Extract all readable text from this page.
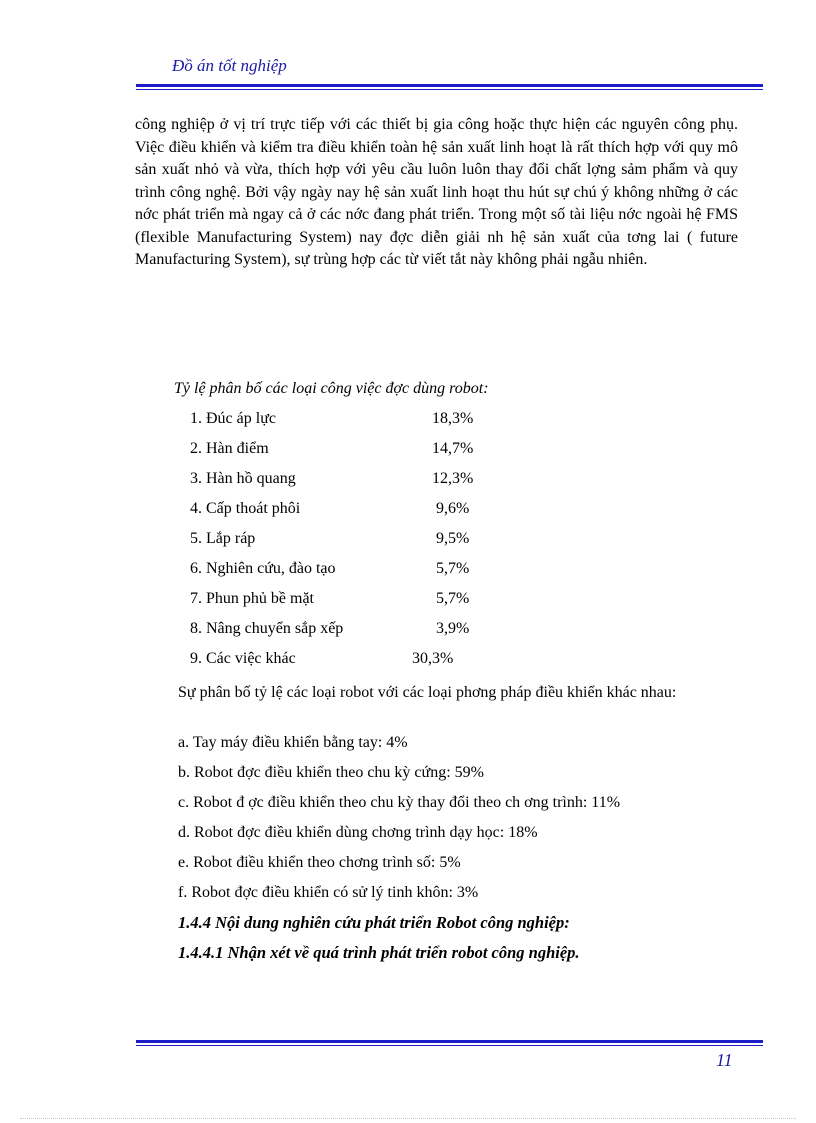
Đồ án tốt nghiệp
công nghiệp ở vị trí trực tiếp với các thiết bị gia công hoặc thực hiện các nguyên công phụ. Việc điều khiển và kiểm tra điều khiển toàn hệ sản xuất linh hoạt là rất thích hợp với quy mô sản xuất nhỏ và vừa, thích hợp với yêu cầu luôn luôn thay đổi chất lợng sảm phẩm và quy trình công nghệ. Bởi vậy ngày nay hệ sản xuất linh hoạt thu hút sự chú ý không những ở các nớc phát triển mà ngay cả ở các nớc đang phát triển. Trong một số tài liệu nớc ngoài hệ FMS (flexible Manufacturing System) nay đợc diễn giải nh hệ sản xuất của tơng lai ( future Manufacturing System), sự trùng hợp các từ viết tắt này không phải ngẫu nhiên.
Tỷ lệ phân bố các loại công việc đợc dùng robot:
1. Đúc áp lực	18,3%
2. Hàn điểm	14,7%
3. Hàn hồ quang	12,3%
4. Cấp thoát phôi	9,6%
5. Lắp ráp	9,5%
6. Nghiên cứu, đào tạo	5,7%
7. Phun phủ bề mặt	5,7%
8. Nâng chuyển sắp xếp	3,9%
9. Các việc khác	30,3%
Sự phân bố tỷ lệ các loại robot với các loại phơng pháp điều khiển khác nhau:
a. Tay máy điều khiển bằng tay: 4%
b. Robot đợc điều khiển theo chu kỳ cứng: 59%
c. Robot đ ợc điều khiển theo chu kỳ thay đổi theo ch ơng trình: 11%
d. Robot đợc điều khiển dùng chơng trình dạy học: 18%
e. Robot điều khiển theo chơng trình số: 5%
f. Robot đợc điều khiển có sử lý tinh khôn: 3%
1.4.4 Nội dung nghiên cứu phát triển Robot công nghiệp:
1.4.4.1 Nhận xét về quá trình phát triển robot công nghiệp.
11
